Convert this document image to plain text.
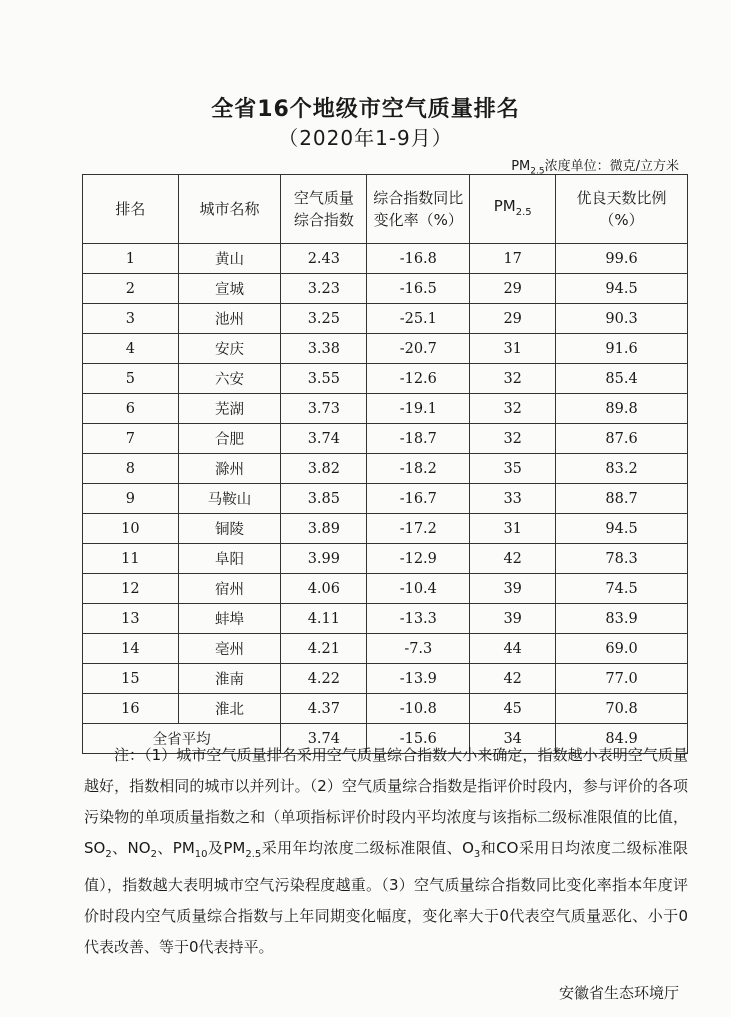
全省16个地级市空气质量排名
（2020年1-9月）
$PM_{2.5}$浓度单位：微克/立方米
排名	城市名称	空气质量综合指数	综合指数同比变化率（%）	$PM_{2.5}$	优良天数比例（%）

1	黄山	2.43	-16.8	17	99.6
2	宣城	3.23	-16.5	29	94.5
3	池州	3.25	-25.1	29	90.3
4	安庆	3.38	-20.7	31	91.6
5	六安	3.55	-12.6	32	85.4
6	芜湖	3.73	-19.1	32	89.8
7	合肥	3.74	-18.7	32	87.6
8	滁州	3.82	-18.2	35	83.2
9	马鞍山	3.85	-16.7	33	88.7
10	铜陵	3.89	-17.2	31	94.5
11	阜阳	3.99	-12.9	42	78.3
12	宿州	4.06	-10.4	39	74.5
13	蚌埠	4.11	-13.3	39	83.9
14	亳州	4.21	-7.3	44	69.0
15	淮南	4.22	-13.9	42	77.0
16	淮北	4.37	-10.8	45	70.8
全省平均		3.74	-15.6	34	84.9
注：（1）城市空气质量排名采用空气质量综合指数大小来确定，指数越小表明空气质量越好，指数相同的城市以并列计。（2）空气质量综合指数是指评价时段内，参与评价的各项污染物的单项质量指数之和（单项指标评价时段内平均浓度与该指标二级标准限值的比值，$SO_2$、$NO_2$、$PM_{10}$及$PM_{2.5}$采用年均浓度二级标准限值、$O_3$和CO采用日均浓度二级标准限值），指数越大表明城市空气污染程度越重。（3）空气质量综合指数同比变化率指本年度评价时段内空气质量综合指数与上年同期变化幅度，变化率大于0代表空气质量恶化、小于0代表改善、等于0代表持平。
安徽省生态环境厅
